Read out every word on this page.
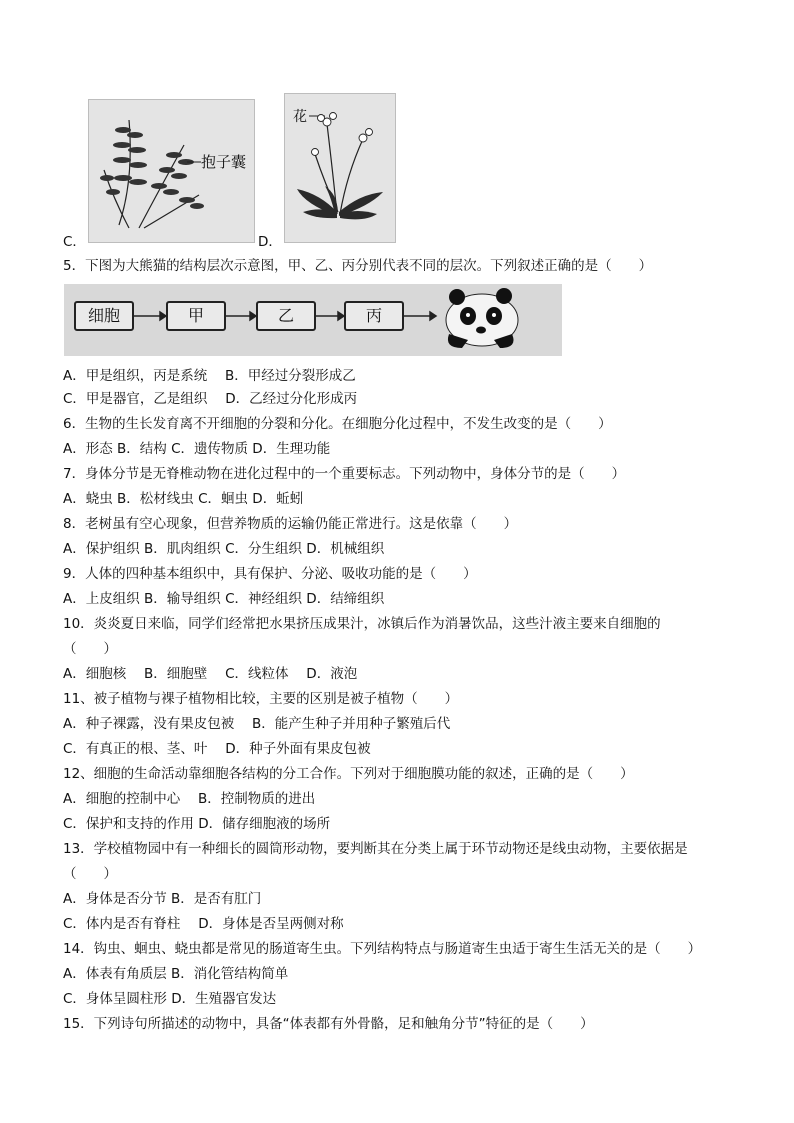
C．
抱子囊
D．
花
5．下图为大熊猫的结构层次示意图，甲、乙、丙分别代表不同的层次。下列叙述正确的是（　　）
细胞	甲	乙	丙
A．甲是组织，丙是系统　 B．甲经过分裂形成乙
C．甲是器官，乙是组织　 D．乙经过分化形成丙
6．生物的生长发育离不开细胞的分裂和分化。在细胞分化过程中，不发生改变的是（　　）
A．形态 B．结构 C．遗传物质 D．生理功能
7．身体分节是无脊椎动物在进化过程中的一个重要标志。下列动物中，身体分节的是（　　）
A．蛲虫 B．松材线虫 C．蛔虫 D．蚯蚓
8．老树虽有空心现象，但营养物质的运输仍能正常进行。这是依靠（　　）
A．保护组织 B．肌肉组织 C．分生组织 D．机械组织
9．人体的四种基本组织中，具有保护、分泌、吸收功能的是（　　）
A．上皮组织 B．输导组织 C．神经组织 D．结缔组织
10．炎炎夏日来临，同学们经常把水果挤压成果汁，冰镇后作为消暑饮品，这些汁液主要来自细胞的
（　　）
A．细胞核　 B．细胞壁　 C．线粒体　 D．液泡
11、被子植物与裸子植物相比较，主要的区别是被子植物（　　）
A．种子裸露，没有果皮包被　 B．能产生种子并用种子繁殖后代
C．有真正的根、茎、叶　 D．种子外面有果皮包被
12、细胞的生命活动靠细胞各结构的分工合作。下列对于细胞膜功能的叙述，正确的是（　　）
A．细胞的控制中心　 B．控制物质的进出
C．保护和支持的作用 D．储存细胞液的场所
13．学校植物园中有一种细长的圆筒形动物，要判断其在分类上属于环节动物还是线虫动物，主要依据是
（　　）
A．身体是否分节 B．是否有肛门
C．体内是否有脊柱　 D．身体是否呈两侧对称
14．钩虫、蛔虫、蛲虫都是常见的肠道寄生虫。下列结构特点与肠道寄生虫适于寄生生活无关的是（　　）
A．体表有角质层 B．消化管结构简单
C．身体呈圆柱形 D．生殖器官发达
15．下列诗句所描述的动物中，具备“体表都有外骨骼，足和触角分节”特征的是（　　）
